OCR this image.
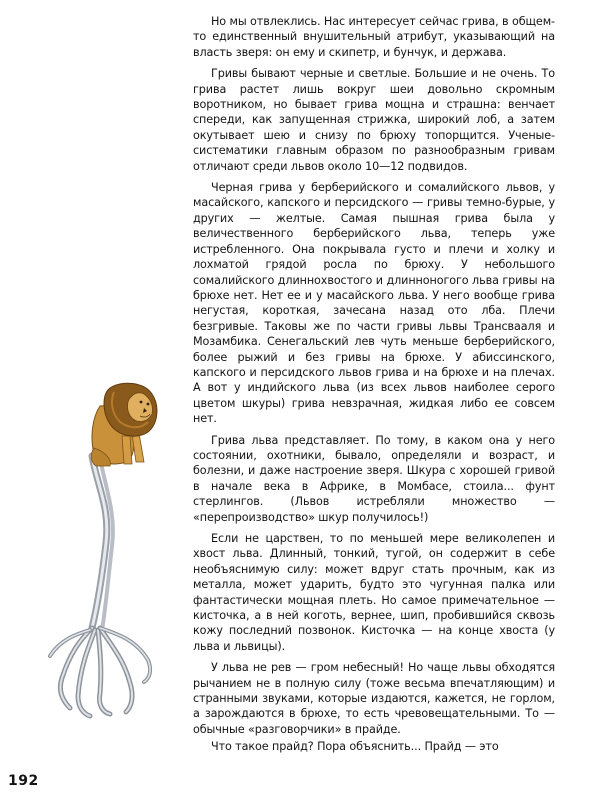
Но мы отвлеклись. Нас интересует сейчас грива, в общем-то единственный внушительный атрибут, указывающий на власть зверя: он ему и скипетр, и бунчук, и держава.

Гривы бывают черные и светлые. Большие и не очень. То грива растет лишь вокруг шеи довольно скромным воротником, но бывает грива мощна и страшна: венчает спереди, как запущенная стрижка, широкий лоб, а затем окутывает шею и снизу по брюху топорщится. Ученые-систематики главным образом по разнообразным гривам отличают среди львов около 10—12 подвидов.

Черная грива у берберийского и сомалийского львов, у масайского, капского и персидского — гривы темно-бурые, у других — желтые. Самая пышная грива была у величественного берберийского льва, теперь уже истребленного. Она покрывала густо и плечи и холку и лохматой грядой росла по брюху. У небольшого сомалийского длиннохвостого и длинноногого льва гривы на брюхе нет. Нет ее и у масайского льва. У него вообще грива негустая, короткая, зачесана назад ото лба. Плечи безгривые. Таковы же по части гривы львы Трансвааля и Мозамбика. Сенегальский лев чуть меньше берберийского, более рыжий и без гривы на брюхе. У абиссинского, капского и персидского львов грива и на брюхе и на плечах. А вот у индийского льва (из всех львов наиболее серого цветом шкуры) грива невзрачная, жидкая либо ее совсем нет.

Грива льва представляет. По тому, в каком она у него состоянии, охотники, бывало, определяли и возраст, и болезни, и даже настроение зверя. Шкура с хорошей гривой в начале века в Африке, в Момбасе, стоила... фунт стерлингов. (Львов истребляли множество — «перепроизводство» шкур получилось!)

Если не царствен, то по меньшей мере великолепен и хвост льва. Длинный, тонкий, тугой, он содержит в себе необъяснимую силу: может вдруг стать прочным, как из металла, может ударить, будто это чугунная палка или фантастически мощная плеть. Но самое примечательное — кисточка, а в ней коготь, вернее, шип, пробившийся сквозь кожу последний позвонок. Кисточка — на конце хвоста (у льва и львицы).

У льва не рев — гром небесный! Но чаще львы обходятся рычанием не в полную силу (тоже весьма впечатляющим) и странными звуками, которые издаются, кажется, не горлом, а зарождаются в брюхе, то есть чревовещательными. То — обычные «разговорчики» в прайде.

Что такое прайд? Пора объяснить... Прайд — это

192
